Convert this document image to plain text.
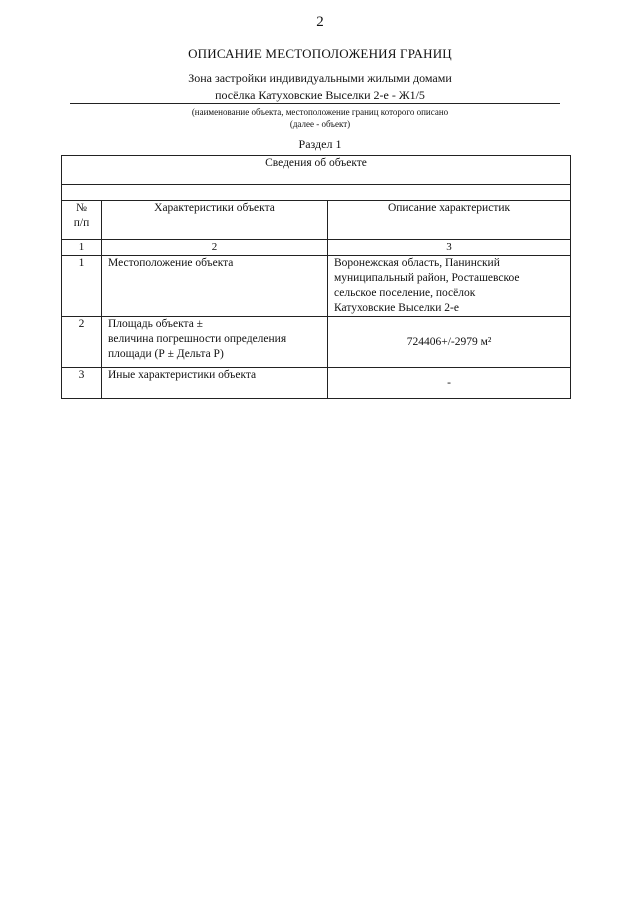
2
ОПИСАНИЕ МЕСТОПОЛОЖЕНИЯ ГРАНИЦ
Зона застройки индивидуальными жилыми домами
посёлка Катуховские Выселки 2-е - Ж1/5
(наименование объекта, местоположение границ которого описано
(далее - объект)
Раздел 1
Сведения об объекте		

№
п/п	Характеристики объекта	Описание характеристик
1	2	3
1	Местоположение объекта	Воронежская область, Панинский
муниципальный район, Росташевское
сельское поселение, посёлок
Катуховские Выселки 2-е

2	Площадь объекта ±
величина погрешности определения
площади (Р ± Дельта Р)	724406+/-2979 м²
3	Иные характеристики объекта	-
